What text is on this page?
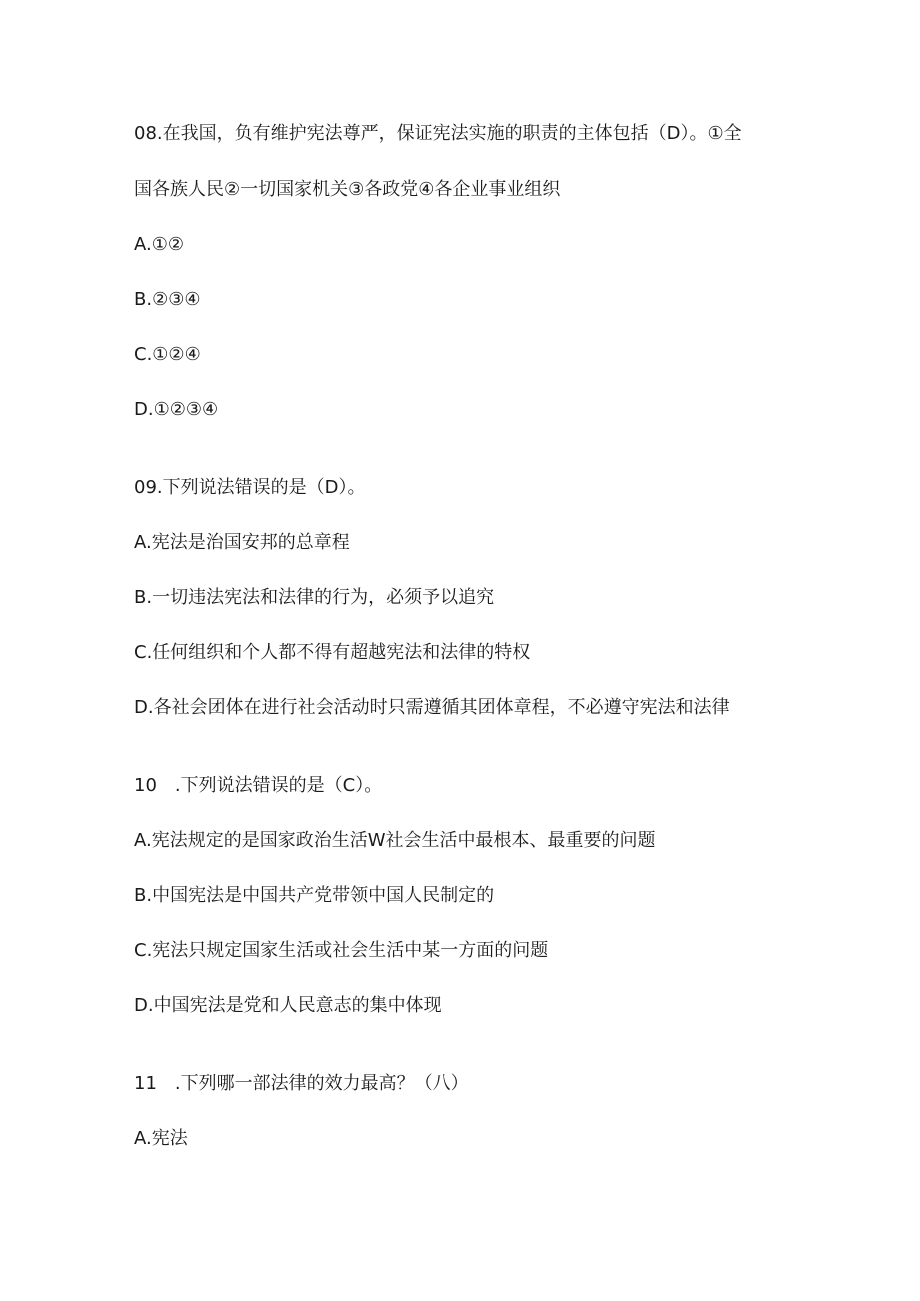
08.在我国，负有维护宪法尊严，保证宪法实施的职责的主体包括（D）。①全
国各族人民②一切国家机关③各政党④各企业事业组织
A.①②
B.②③④
C.①②④
D.①②③④
09.下列说法错误的是（D）。
A.宪法是治国安邦的总章程
B.一切违法宪法和法律的行为，必须予以追究
C.任何组织和个人都不得有超越宪法和法律的特权
D.各社会团体在进行社会活动时只需遵循其团体章程，不必遵守宪法和法律
10　.下列说法错误的是（C）。
A.宪法规定的是国家政治生活W社会生活中最根本、最重要的问题
B.中国宪法是中国共产党带领中国人民制定的
C.宪法只规定国家生活或社会生活中某一方面的问题
D.中国宪法是党和人民意志的集中体现
11　.下列哪一部法律的效力最高？（八）
A.宪法
